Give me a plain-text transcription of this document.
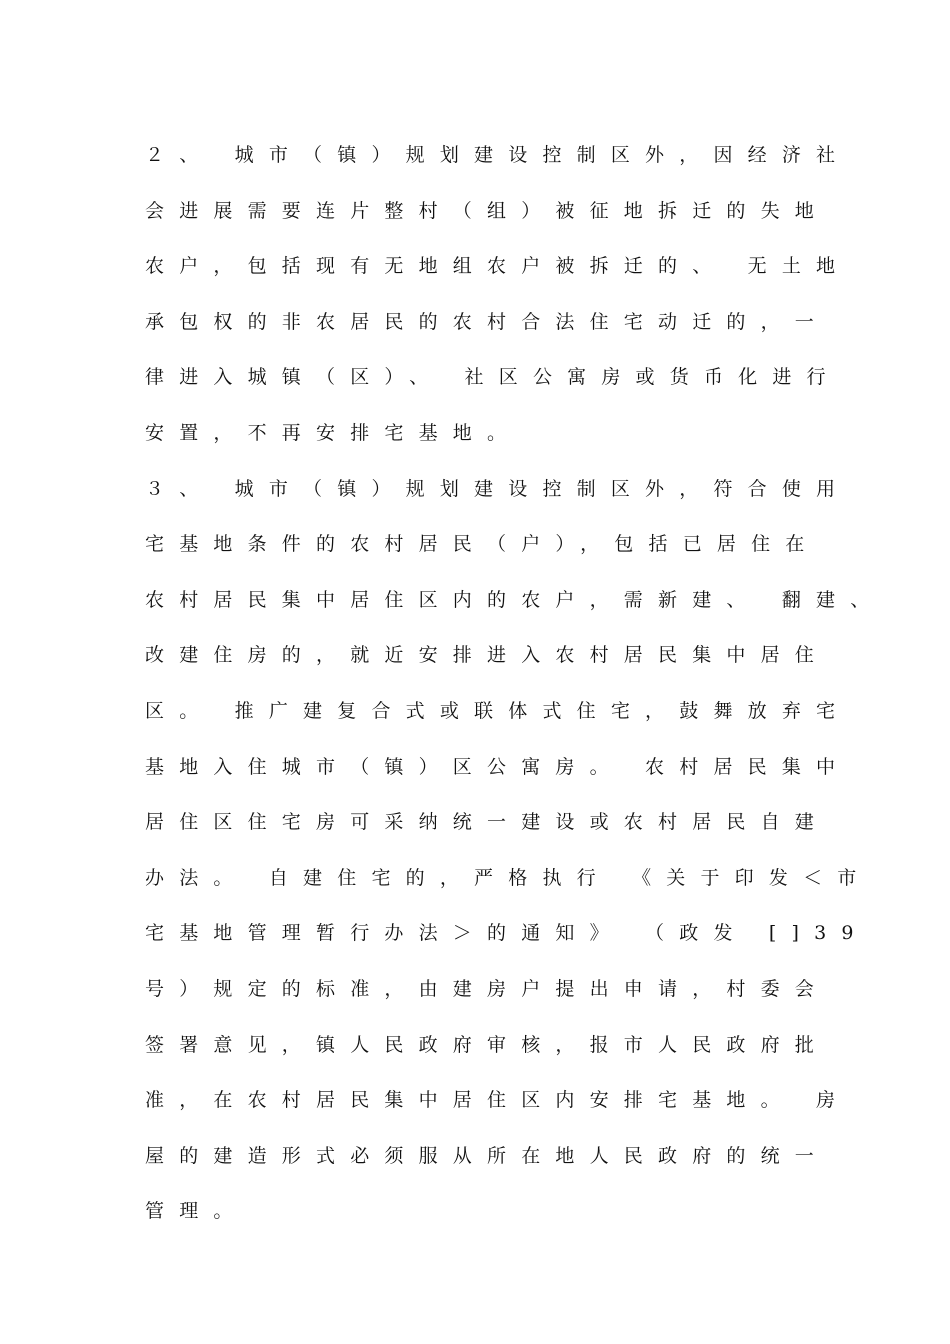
２、 城市（镇）规划建设控制区外，因经济社

会进展需要连片整村（组）被征地拆迁的失地

农户，包括现有无地组农户被拆迁的、 无土地

承包权的非农居民的农村合法住宅动迁的，一

律进入城镇（区）、 社区公寓房或货币化进行

安置，不再安排宅基地。

３、 城市（镇）规划建设控制区外，符合使用

宅基地条件的农村居民（户），包括已居住在

农村居民集中居住区内的农户，需新建、 翻建、

改建住房的，就近安排进入农村居民集中居住

区。 推广建复合式或联体式住宅，鼓舞放弃宅

基地入住城市（镇）区公寓房。 农村居民集中

居住区住宅房可采纳统一建设或农村居民自建

办法。 自建住宅的，严格执行 《关于印发＜市

宅基地管理暂行办法＞的通知》 （政发 []39

号）规定的标准，由建房户提出申请，村委会

签署意见，镇人民政府审核，报市人民政府批

准，在农村居民集中居住区内安排宅基地。 房

屋的建造形式必须服从所在地人民政府的统一

管理。
